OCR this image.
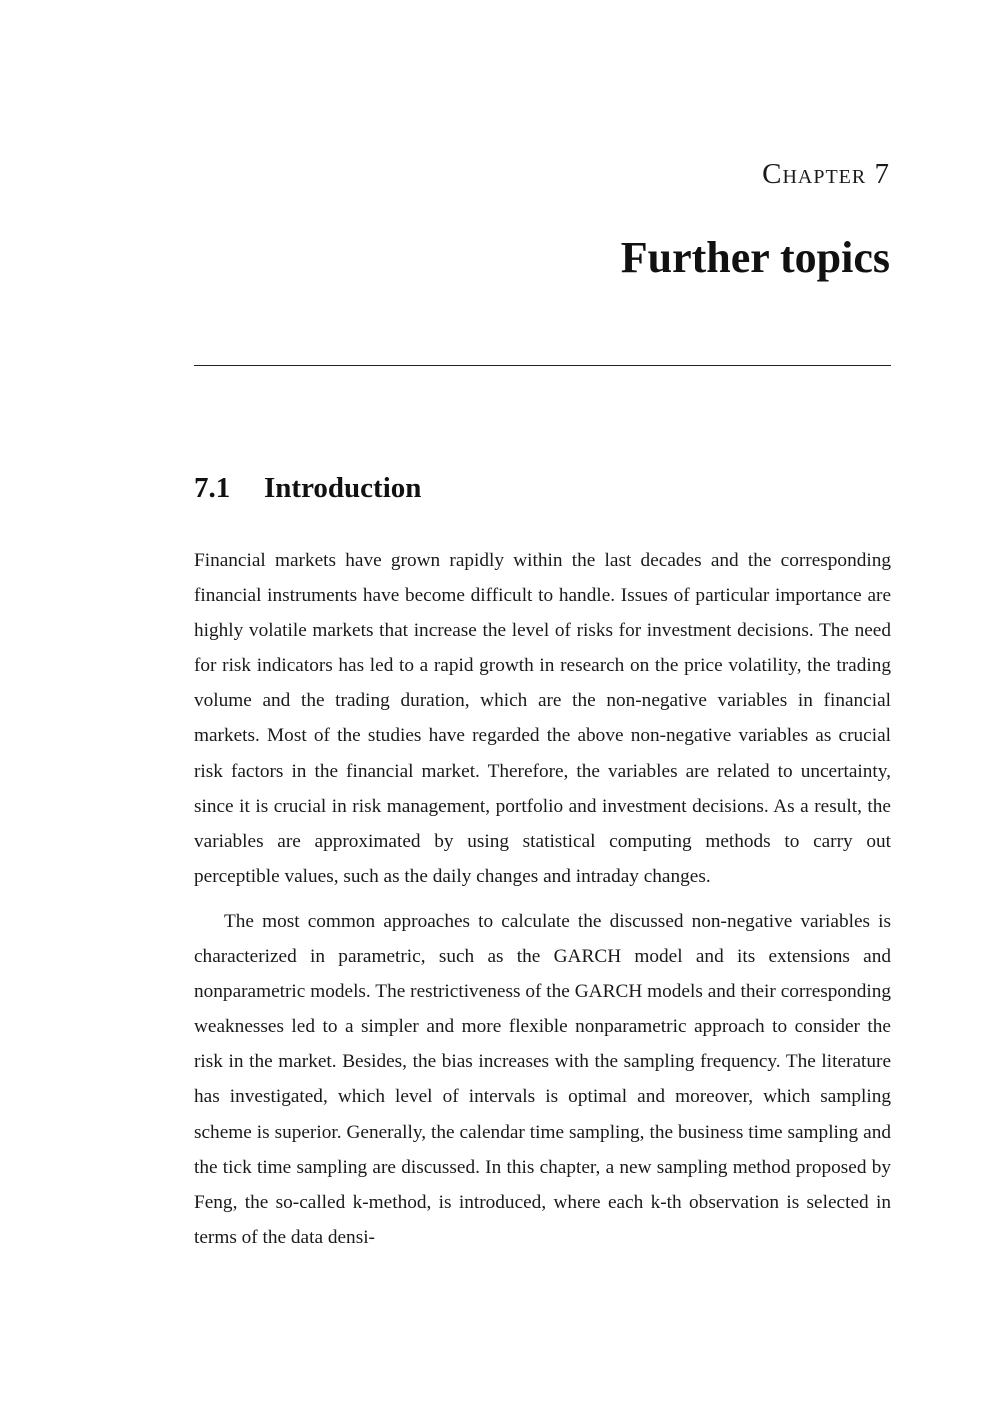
Chapter 7
Further topics
7.1 Introduction

Financial markets have grown rapidly within the last decades and the corresponding financial instruments have become difficult to handle. Issues of particular importance are highly volatile markets that increase the level of risks for investment decisions. The need for risk indicators has led to a rapid growth in research on the price volatility, the trading volume and the trading duration, which are the non-negative variables in financial markets. Most of the studies have regarded the above non-negative variables as crucial risk factors in the financial market. Therefore, the variables are related to uncertainty, since it is crucial in risk management, portfolio and investment decisions. As a result, the variables are approximated by using statistical computing methods to carry out perceptible values, such as the daily changes and intraday changes.

The most common approaches to calculate the discussed non-negative variables is characterized in parametric, such as the GARCH model and its extensions and nonparametric models. The restrictiveness of the GARCH models and their corresponding weaknesses led to a simpler and more flexible nonparametric approach to consider the risk in the market. Besides, the bias increases with the sampling frequency. The literature has investigated, which level of intervals is optimal and moreover, which sampling scheme is superior. Generally, the calendar time sampling, the business time sampling and the tick time sampling are discussed. In this chapter, a new sampling method proposed by Feng, the so-called k-method, is introduced, where each k-th observation is selected in terms of the data densi-
